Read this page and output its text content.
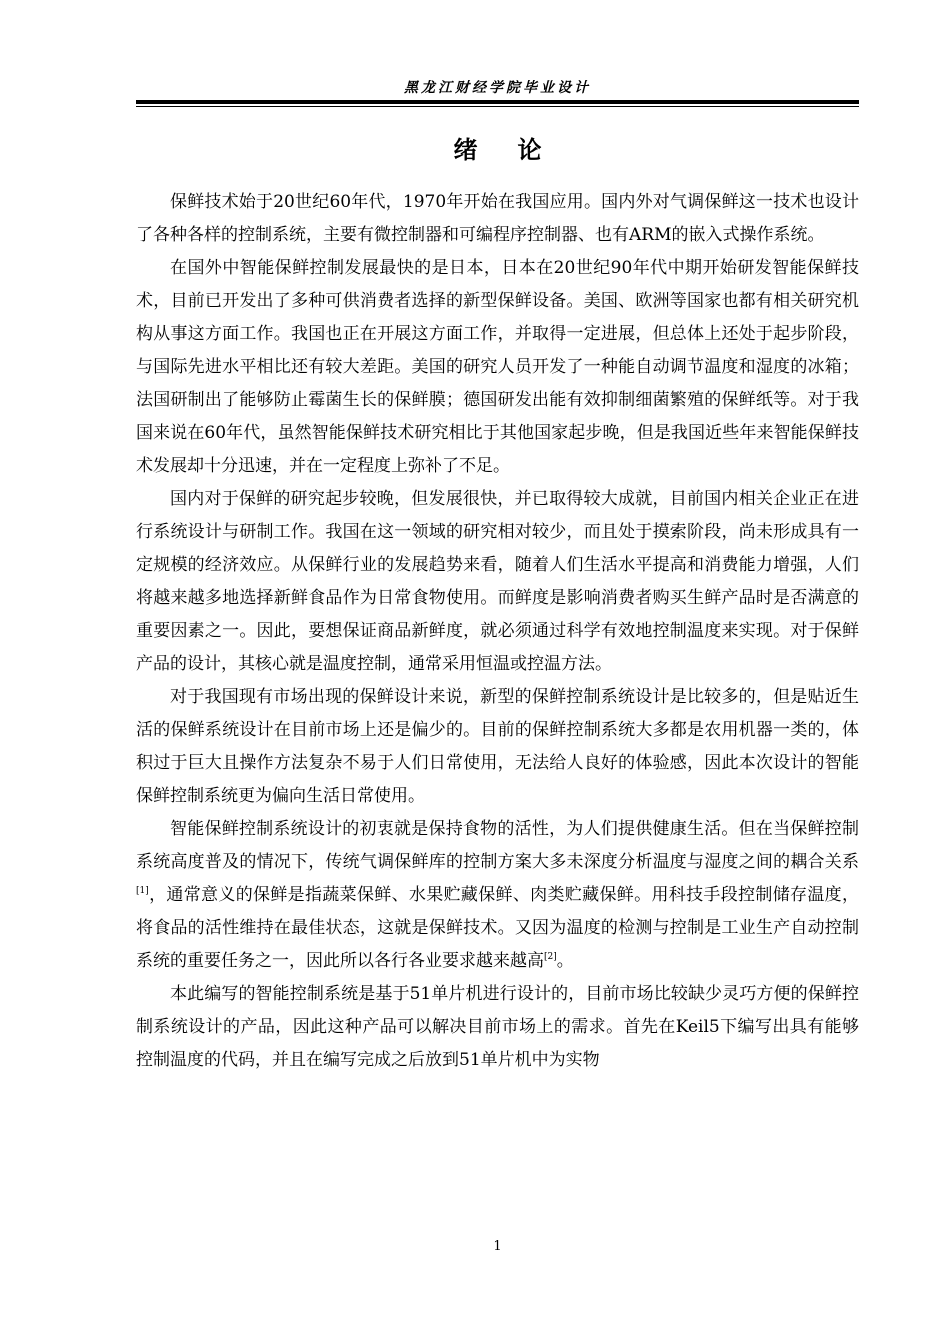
黑龙江财经学院毕业设计
绪论

保鲜技术始于20世纪60年代，1970年开始在我国应用。国内外对气调保鲜这一技术也设计了各种各样的控制系统，主要有微控制器和可编程序控制器、也有ARM的嵌入式操作系统。

在国外中智能保鲜控制发展最快的是日本，日本在20世纪90年代中期开始研发智能保鲜技术，目前已开发出了多种可供消费者选择的新型保鲜设备。美国、欧洲等国家也都有相关研究机构从事这方面工作。我国也正在开展这方面工作，并取得一定进展，但总体上还处于起步阶段，与国际先进水平相比还有较大差距。美国的研究人员开发了一种能自动调节温度和湿度的冰箱；法国研制出了能够防止霉菌生长的保鲜膜；德国研发出能有效抑制细菌繁殖的保鲜纸等。对于我国来说在60年代，虽然智能保鲜技术研究相比于其他国家起步晚，但是我国近些年来智能保鲜技术发展却十分迅速，并在一定程度上弥补了不足。

国内对于保鲜的研究起步较晚，但发展很快，并已取得较大成就，目前国内相关企业正在进行系统设计与研制工作。我国在这一领域的研究相对较少，而且处于摸索阶段，尚未形成具有一定规模的经济效应。从保鲜行业的发展趋势来看，随着人们生活水平提高和消费能力增强，人们将越来越多地选择新鲜食品作为日常食物使用。而鲜度是影响消费者购买生鲜产品时是否满意的重要因素之一。因此，要想保证商品新鲜度，就必须通过科学有效地控制温度来实现。对于保鲜产品的设计，其核心就是温度控制，通常采用恒温或控温方法。

对于我国现有市场出现的保鲜设计来说，新型的保鲜控制系统设计是比较多的，但是贴近生活的保鲜系统设计在目前市场上还是偏少的。目前的保鲜控制系统大多都是农用机器一类的，体积过于巨大且操作方法复杂不易于人们日常使用，无法给人良好的体验感，因此本次设计的智能保鲜控制系统更为偏向生活日常使用。

智能保鲜控制系统设计的初衷就是保持食物的活性，为人们提供健康生活。但在当保鲜控制系统高度普及的情况下，传统气调保鲜库的控制方案大多未深度分析温度与湿度之间的耦合关系[1]，通常意义的保鲜是指蔬菜保鲜、水果贮藏保鲜、肉类贮藏保鲜。用科技手段控制储存温度，将食品的活性维持在最佳状态，这就是保鲜技术。又因为温度的检测与控制是工业生产自动控制系统的重要任务之一，因此所以各行各业要求越来越高[2]。

本此编写的智能控制系统是基于51单片机进行设计的，目前市场比较缺少灵巧方便的保鲜控制系统设计的产品，因此这种产品可以解决目前市场上的需求。首先在Keil5下编写出具有能够控制温度的代码，并且在编写完成之后放到51单片机中为实物

1
